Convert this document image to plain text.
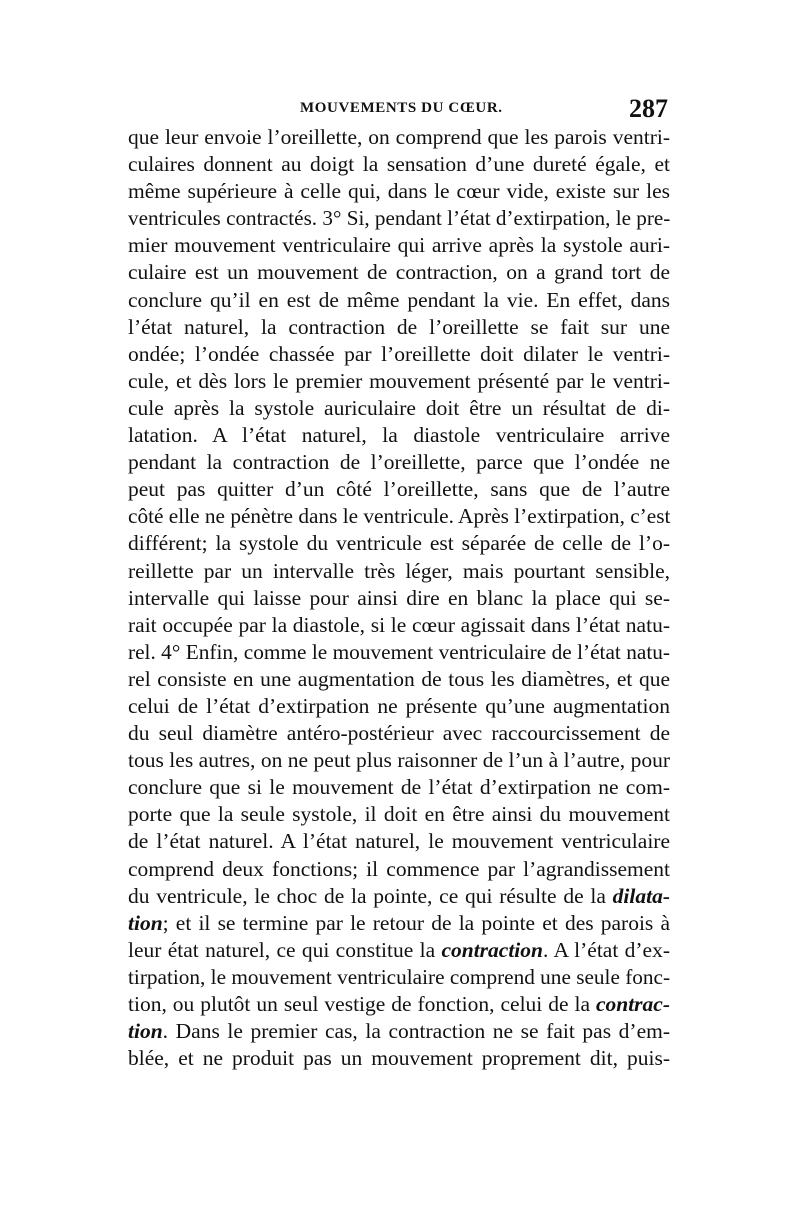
MOUVEMENTS DU CŒUR.	287
que leur envoie l’oreillette, on comprend que les parois ventri-
culaires donnent au doigt la sensation d’une dureté égale, et
même supérieure à celle qui, dans le cœur vide, existe sur les
ventricules contractés. 3° Si, pendant l’état d’extirpation, le pre-
mier mouvement ventriculaire qui arrive après la systole auri-
culaire est un mouvement de contraction, on a grand tort de
conclure qu’il en est de même pendant la vie. En effet, dans
l’état naturel, la contraction de l’oreillette se fait sur une
ondée; l’ondée chassée par l’oreillette doit dilater le ventri-
cule, et dès lors le premier mouvement présenté par le ventri-
cule après la systole auriculaire doit être un résultat de di-
latation. A l’état naturel, la diastole ventriculaire arrive
pendant la contraction de l’oreillette, parce que l’ondée ne
peut pas quitter d’un côté l’oreillette, sans que de l’autre
côté elle ne pénètre dans le ventricule. Après l’extirpation, c’est
différent; la systole du ventricule est séparée de celle de l’o-
reillette par un intervalle très léger, mais pourtant sensible,
intervalle qui laisse pour ainsi dire en blanc la place qui se-
rait occupée par la diastole, si le cœur agissait dans l’état natu-
rel. 4° Enfin, comme le mouvement ventriculaire de l’état natu-
rel consiste en une augmentation de tous les diamètres, et que
celui de l’état d’extirpation ne présente qu’une augmentation
du seul diamètre antéro-postérieur avec raccourcissement de
tous les autres, on ne peut plus raisonner de l’un à l’autre, pour
conclure que si le mouvement de l’état d’extirpation ne com-
porte que la seule systole, il doit en être ainsi du mouvement
de l’état naturel. A l’état naturel, le mouvement ventriculaire
comprend deux fonctions; il commence par l’agrandissement
du ventricule, le choc de la pointe, ce qui résulte de la dilata-
tion; et il se termine par le retour de la pointe et des parois à
leur état naturel, ce qui constitue la contraction. A l’état d’ex-
tirpation, le mouvement ventriculaire comprend une seule fonc-
tion, ou plutôt un seul vestige de fonction, celui de la contrac-
tion. Dans le premier cas, la contraction ne se fait pas d’em-
blée, et ne produit pas un mouvement proprement dit, puis-
